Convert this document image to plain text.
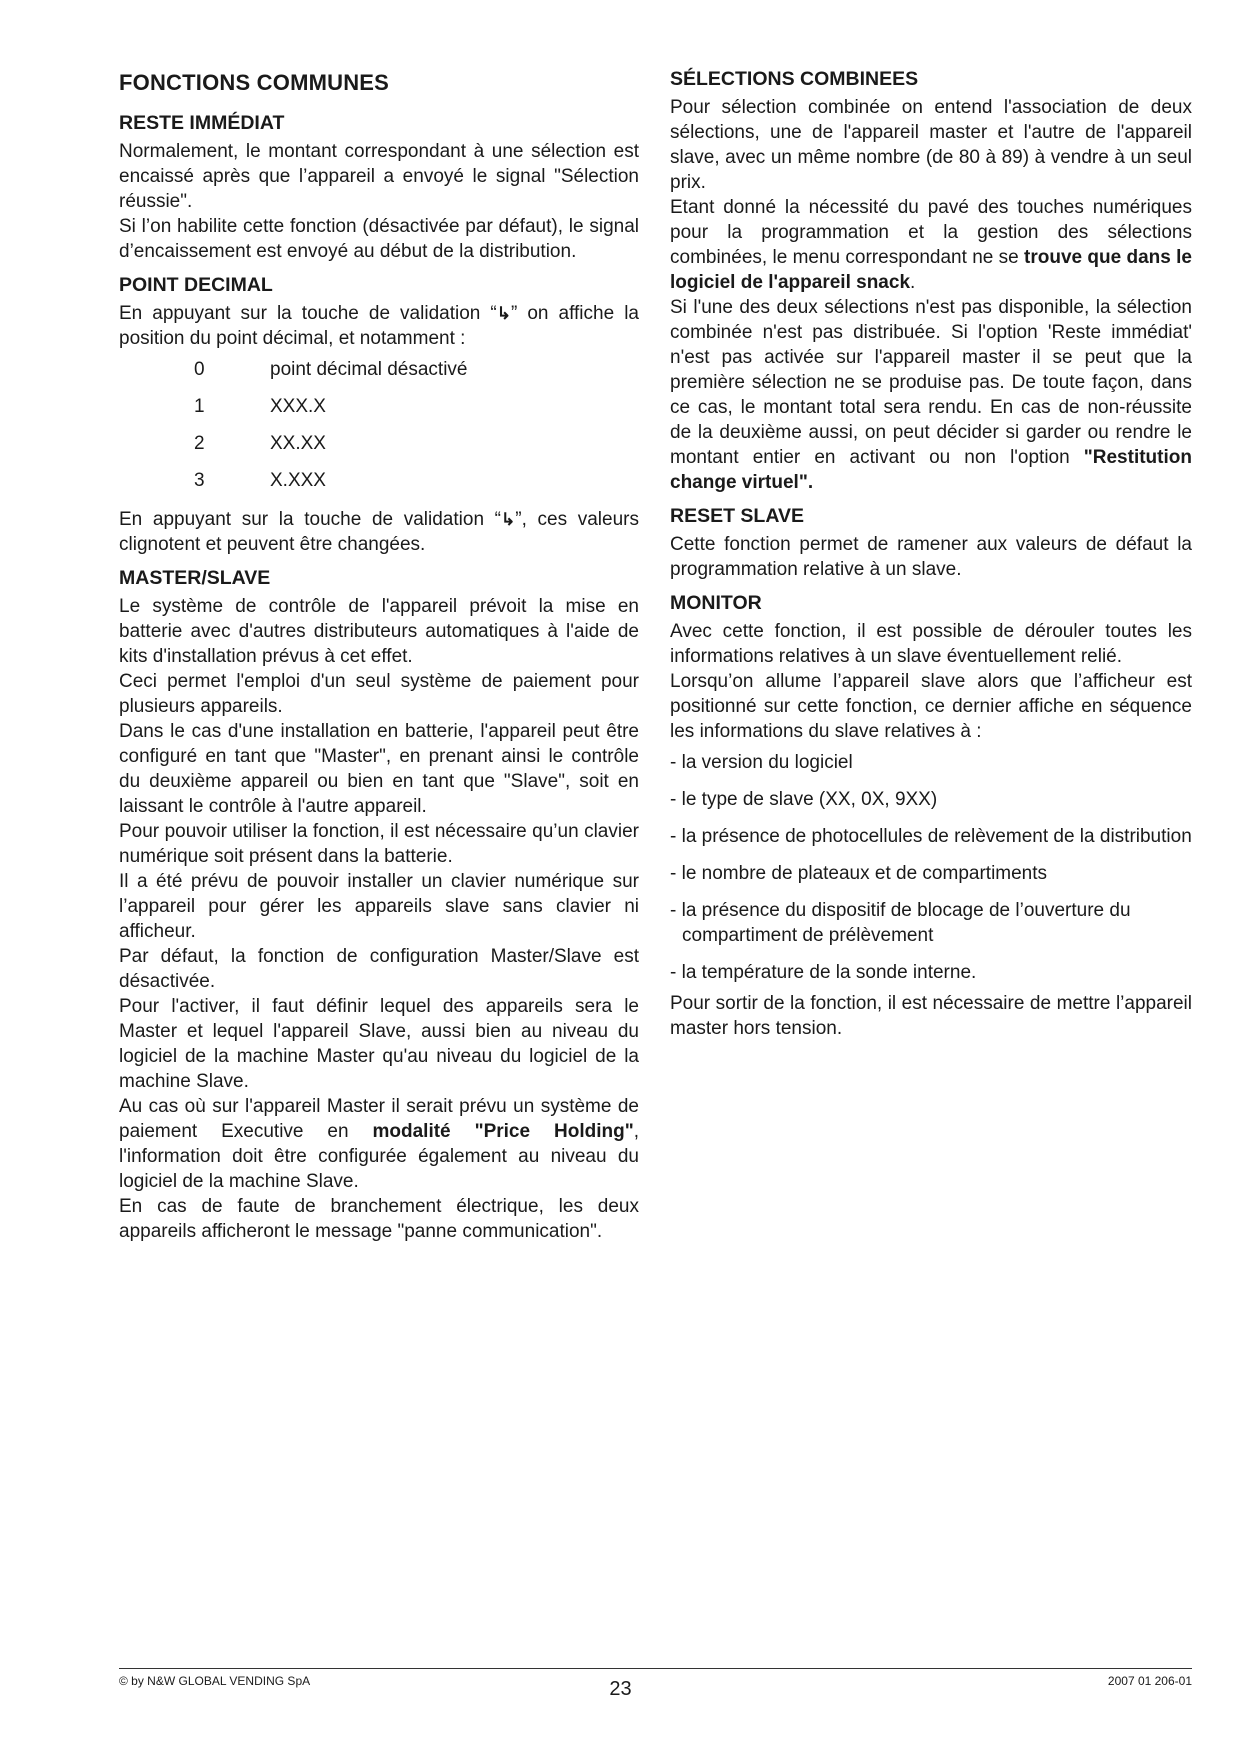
FONCTIONS COMMUNES
RESTE IMMÉDIAT

Normalement, le montant correspondant à une sélection est encaissé après que l’appareil a envoyé le signal "Sélection réussie".

Si l’on habilite cette fonction (désactivée par défaut), le signal d’encaissement est envoyé au début de la distribution.

POINT DECIMAL

En appuyant sur la touche de validation “↳” on affiche la position du point décimal, et notamment :

0	point décimal désactivé
1	XXX.X
2	XX.XX
3	X.XXX

En appuyant sur la touche de validation “↳”, ces valeurs clignotent et peuvent être changées.

MASTER/SLAVE

Le système de contrôle de l'appareil prévoit la mise en batterie avec d'autres distributeurs automatiques à l'aide de kits d'installation prévus à cet effet.

Ceci permet l'emploi d'un seul système de paiement pour plusieurs appareils.

Dans le cas d'une installation en batterie, l'appareil peut être configuré en tant que "Master", en prenant ainsi le contrôle du deuxième appareil ou bien en tant que "Slave", soit en laissant le contrôle à l'autre appareil.

Pour pouvoir utiliser la fonction, il est nécessaire qu’un clavier numérique soit présent dans la batterie.

Il a été prévu de pouvoir installer un clavier numérique sur l’appareil pour gérer les appareils slave sans clavier ni afficheur.

Par défaut, la fonction de configuration Master/Slave est désactivée.

Pour l'activer, il faut définir lequel des appareils sera le Master et lequel l'appareil Slave, aussi bien au niveau du logiciel de la machine Master qu'au niveau du logiciel de la machine Slave.

Au cas où sur l'appareil Master il serait prévu un système de paiement Executive en modalité "Price Holding", l'information doit être configurée également au niveau du logiciel de la machine Slave.

En cas de faute de branchement électrique, les deux appareils afficheront le message "panne communication".

SÉLECTIONS COMBINEES

Pour sélection combinée on entend l'association de deux sélections, une de l'appareil master et l'autre de l'appareil slave, avec un même nombre (de 80 à 89) à vendre à un seul prix.

Etant donné la nécessité du pavé des touches numériques pour la programmation et la gestion des sélections combinées, le menu correspondant ne se trouve que dans le logiciel de l'appareil snack.

Si l'une des deux sélections n'est pas disponible, la sélection combinée n'est pas distribuée. Si l'option 'Reste immédiat' n'est pas activée sur l'appareil master il se peut que la première sélection ne se produise pas. De toute façon, dans ce cas, le montant total sera rendu. En cas de non-réussite de la deuxième aussi, on peut décider si garder ou rendre le montant entier en activant ou non l'option "Restitution change virtuel".

RESET SLAVE

Cette fonction permet de ramener aux valeurs de défaut la programmation relative à un slave.

MONITOR

Avec cette fonction, il est possible de dérouler toutes les informations relatives à un slave éventuellement relié.

Lorsqu’on allume l’appareil slave alors que l’afficheur est positionné sur cette fonction, ce dernier affiche en séquence les informations du slave relatives à :

- la version du logiciel

- le type de slave (XX, 0X, 9XX)

- la présence de photocellules de relèvement de la distribution

- le nombre de plateaux et de compartiments

- la présence du dispositif de blocage de l’ouverture du compartiment de prélèvement

- la température de la sonde interne.

Pour sortir de la fonction, il est nécessaire de mettre l’appareil master hors tension.

© by N&W GLOBAL VENDING SpA	23	2007 01 206-01
